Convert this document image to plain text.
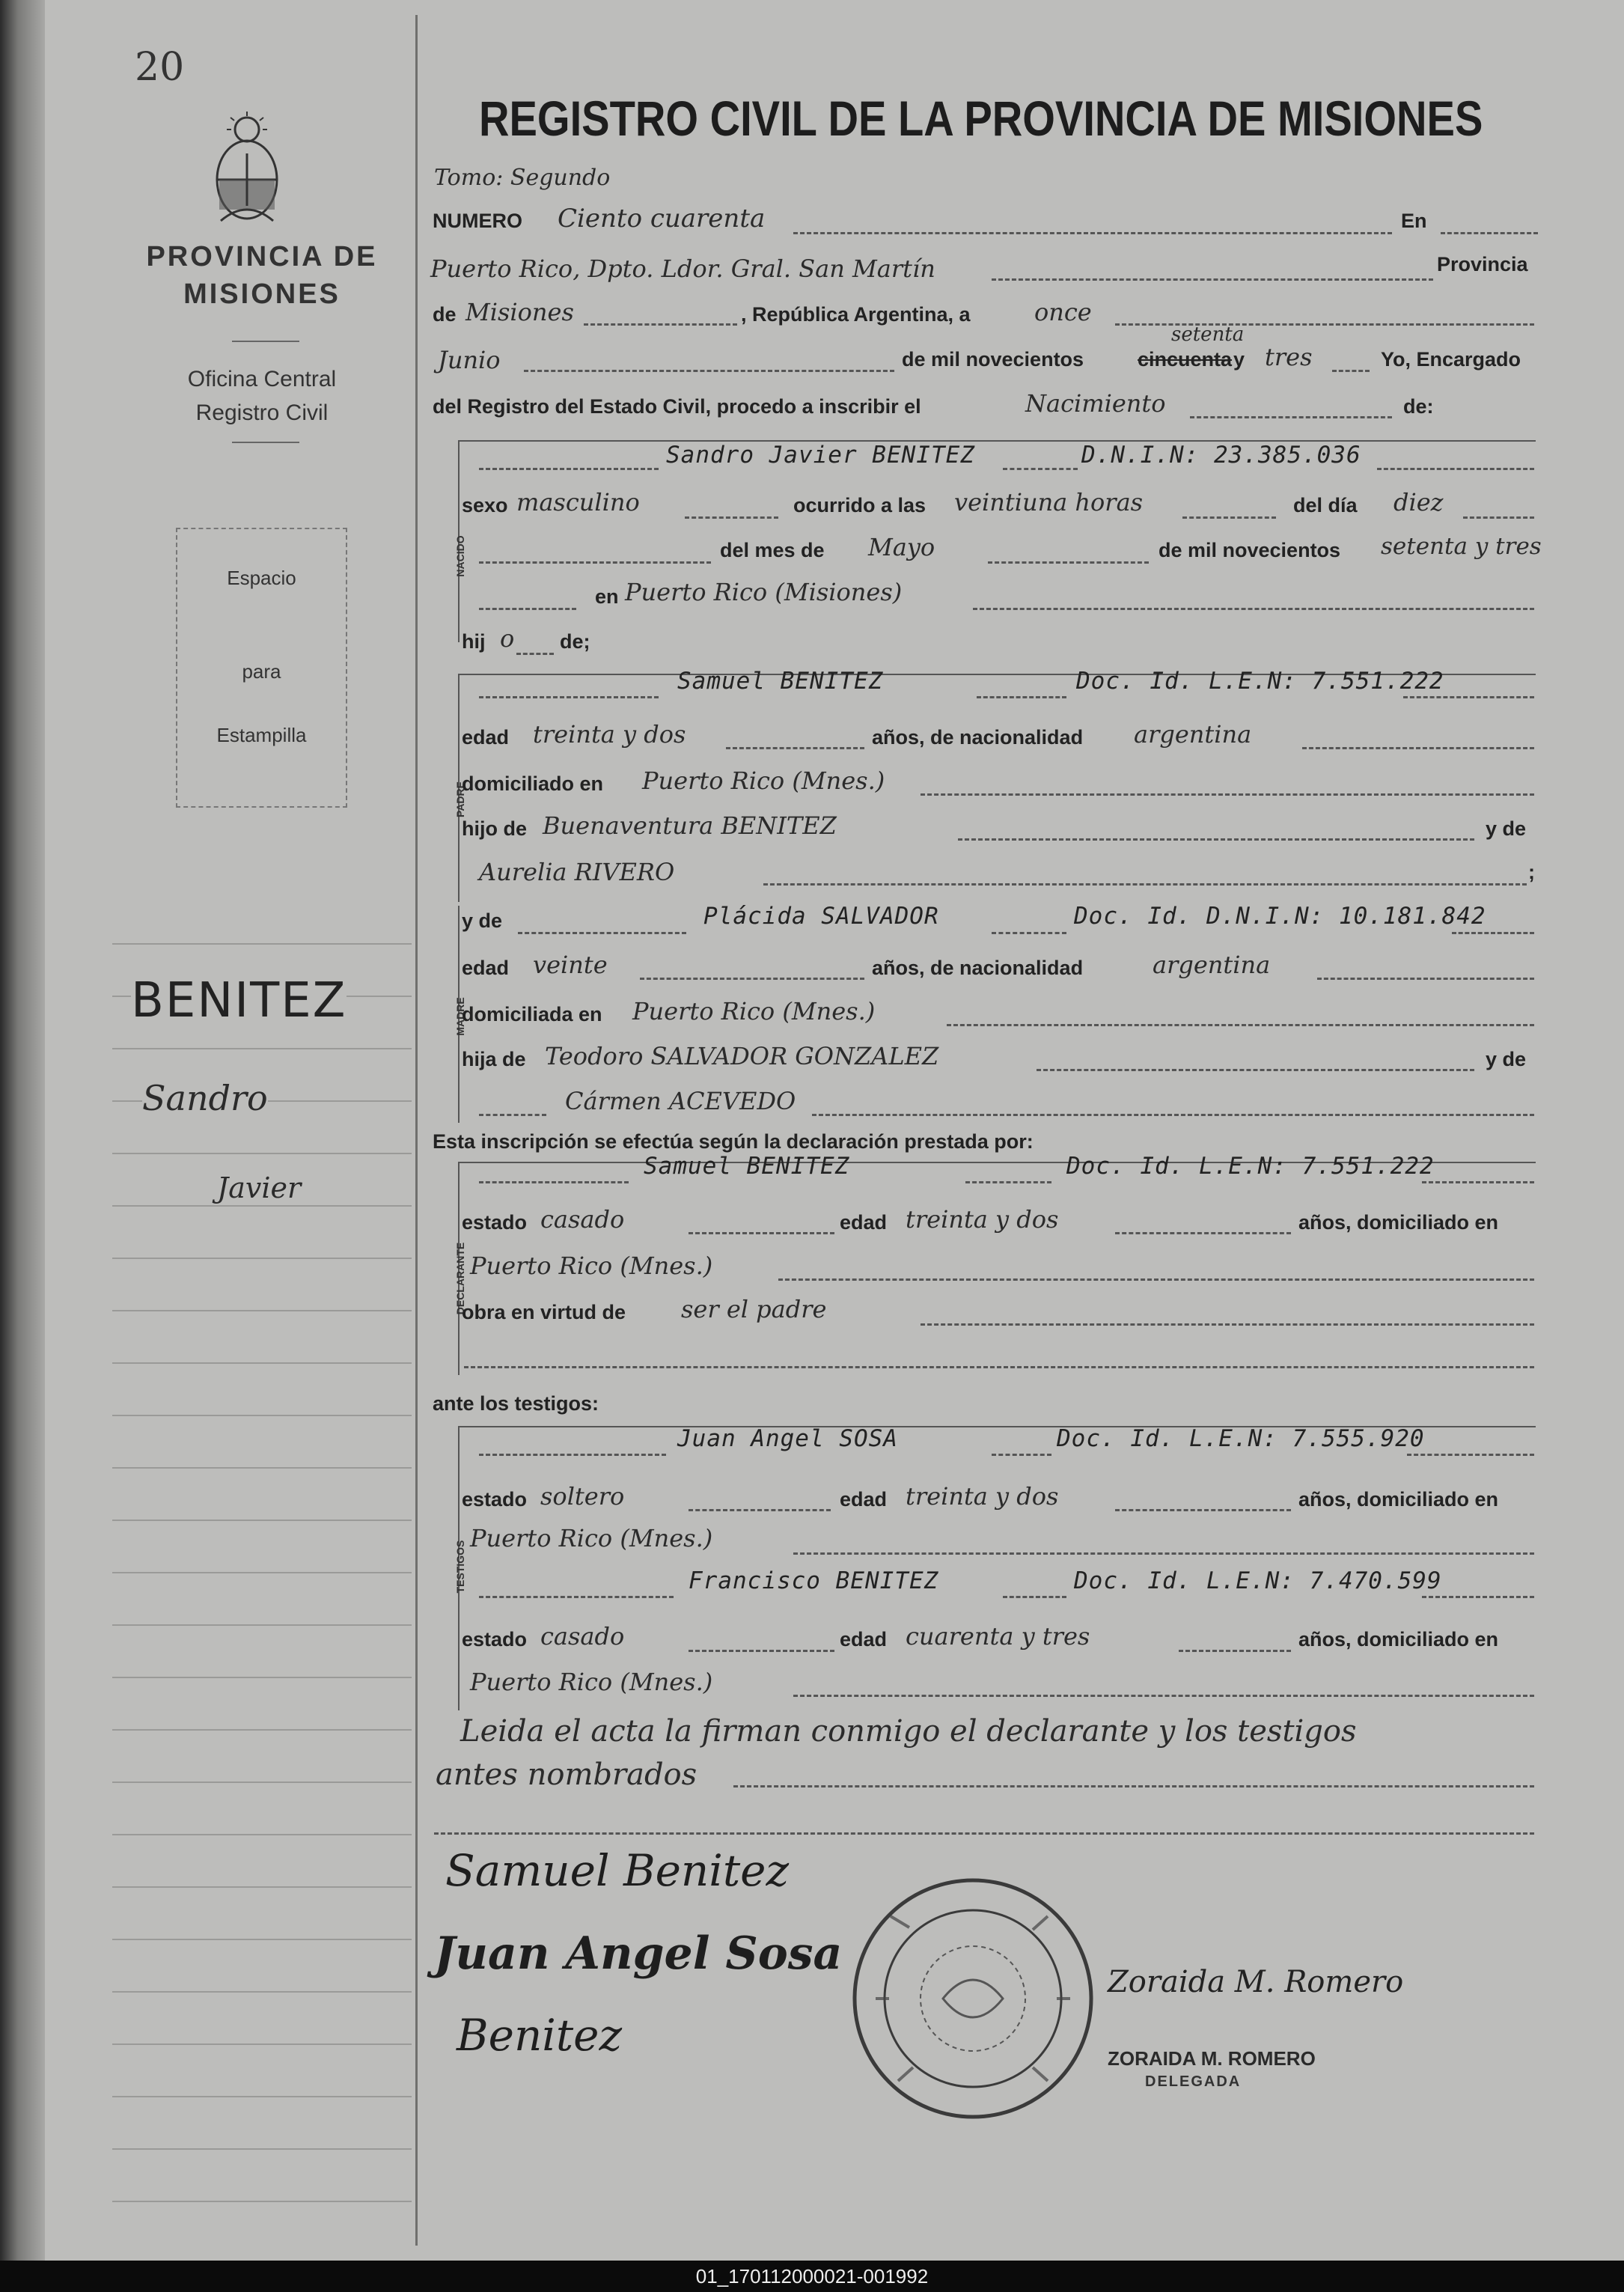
20
PROVINCIA DE MISIONES
Oficina Central
Registro Civil
Espacio
para
Estampilla
BENITEZ
Sandro
Javier
REGISTRO CIVIL DE LA PROVINCIA DE MISIONES
Tomo: Segundo
NUMERO Ciento cuarenta	En
Puerto Rico, Dpto. Ldor. Gral. San Martín	Provincia
de Misiones	, República Argentina, a	once
setenta
Junio	de mil novecientos	cincuenta y tres	Yo, Encargado
del Registro del Estado Civil, procedo a inscribir el	Nacimiento	de:
NACIDO
Sandro Javier BENITEZ	D.N.I.N: 23.385.036
sexo masculino	ocurrido a las veintiuna horas	del día diez
del mes de Mayo	de mil novecientos setenta y tres
en Puerto Rico (Misiones)
hij o de;
PADRE
Samuel BENITEZ	Doc. Id. L.E.N: 7.551.222
edad treinta y dos	años, de nacionalidad argentina
domiciliado en Puerto Rico (Mnes.)
hijo de Buenaventura BENITEZ	y de
Aurelia RIVERO	;
MADRE
y de	Plácida SALVADOR	Doc. Id. D.N.I.N: 10.181.842
edad veinte	años, de nacionalidad	argentina
domiciliada en Puerto Rico (Mnes.)
hija de Teodoro SALVADOR GONZALEZ	y de
Cármen ACEVEDO
Esta inscripción se efectúa según la declaración prestada por:
DECLARANTE
Samuel BENITEZ	Doc. Id. L.E.N: 7.551.222
estado casado	edad treinta y dos	años, domiciliado en
Puerto Rico (Mnes.)
obra en virtud de ser el padre
ante los testigos:
TESTIGOS
Juan Angel SOSA	Doc. Id. L.E.N: 7.555.920
estado soltero	edad treinta y dos	años, domiciliado en
Puerto Rico (Mnes.)
Francisco BENITEZ	Doc. Id. L.E.N: 7.470.599
estado casado	edad cuarenta y tres	años, domiciliado en
Puerto Rico (Mnes.)
Leida el acta la firman conmigo el declarante y los testigos
antes nombrados
Samuel Benitez
Juan Angel Sosa
Benitez
Zoraida M. Romero
ZORAIDA M. ROMERO
DELEGADA
01_170112000021-001992
